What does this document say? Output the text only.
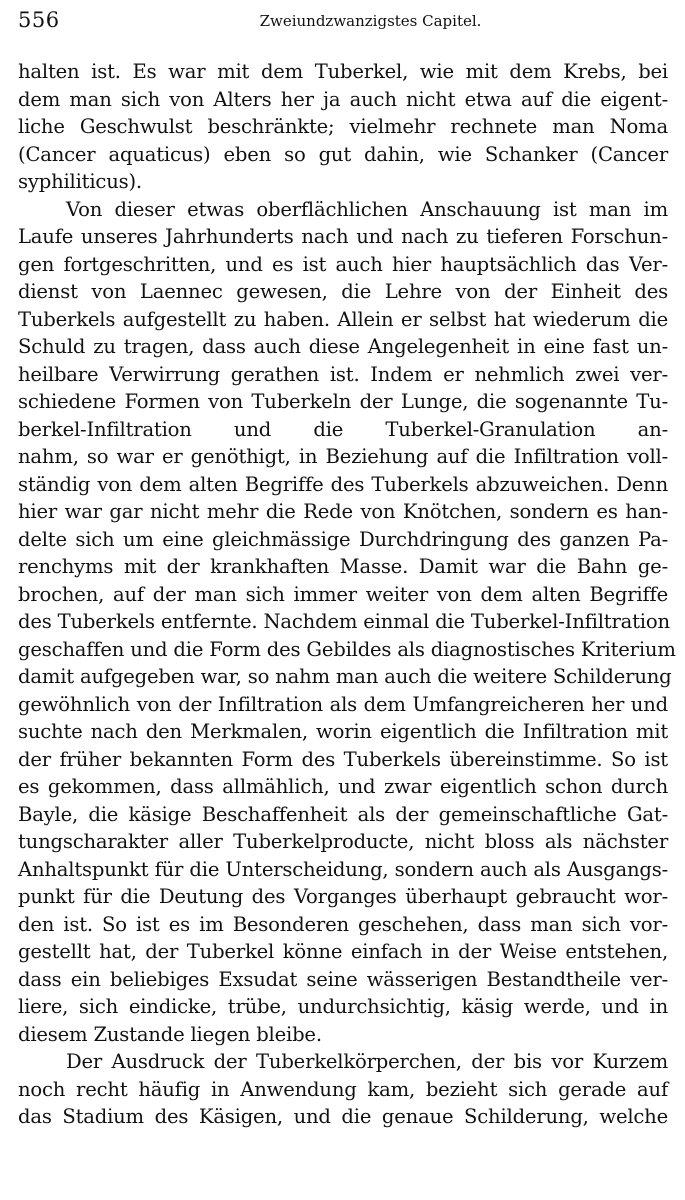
556	Zweiundzwanzigstes Capitel.

halten ist. Es war mit dem Tuberkel, wie mit dem Krebs, bei
dem man sich von Alters her ja auch nicht etwa auf die eigent-
liche Geschwulst beschränkte; vielmehr rechnete man Noma
(Cancer aquaticus) eben so gut dahin, wie Schanker (Cancer
syphiliticus).

Von dieser etwas oberflächlichen Anschauung ist man im
Laufe unseres Jahrhunderts nach und nach zu tieferen Forschun-
gen fortgeschritten, und es ist auch hier hauptsächlich das Ver-
dienst von Laennec gewesen, die Lehre von der Einheit des
Tuberkels aufgestellt zu haben. Allein er selbst hat wiederum die
Schuld zu tragen, dass auch diese Angelegenheit in eine fast un-
heilbare Verwirrung gerathen ist. Indem er nehmlich zwei ver-
schiedene Formen von Tuberkeln der Lunge, die sogenannte Tu-
berkel-Infiltration und die Tuberkel-Granulation an-
nahm, so war er genöthigt, in Beziehung auf die Infiltration voll-
ständig von dem alten Begriffe des Tuberkels abzuweichen. Denn
hier war gar nicht mehr die Rede von Knötchen, sondern es han-
delte sich um eine gleichmässige Durchdringung des ganzen Pa-
renchyms mit der krankhaften Masse. Damit war die Bahn ge-
brochen, auf der man sich immer weiter von dem alten Begriffe
des Tuberkels entfernte. Nachdem einmal die Tuberkel-Infiltration
geschaffen und die Form des Gebildes als diagnostisches Kriterium
damit aufgegeben war, so nahm man auch die weitere Schilderung
gewöhnlich von der Infiltration als dem Umfangreicheren her und
suchte nach den Merkmalen, worin eigentlich die Infiltration mit
der früher bekannten Form des Tuberkels übereinstimme. So ist
es gekommen, dass allmählich, und zwar eigentlich schon durch
Bayle, die käsige Beschaffenheit als der gemeinschaftliche Gat-
tungscharakter aller Tuberkelproducte, nicht bloss als nächster
Anhaltspunkt für die Unterscheidung, sondern auch als Ausgangs-
punkt für die Deutung des Vorganges überhaupt gebraucht wor-
den ist. So ist es im Besonderen geschehen, dass man sich vor-
gestellt hat, der Tuberkel könne einfach in der Weise entstehen,
dass ein beliebiges Exsudat seine wässerigen Bestandtheile ver-
liere, sich eindicke, trübe, undurchsichtig, käsig werde, und in
diesem Zustande liegen bleibe.

Der Ausdruck der Tuberkelkörperchen, der bis vor Kurzem
noch recht häufig in Anwendung kam, bezieht sich gerade auf
das Stadium des Käsigen, und die genaue Schilderung, welche
